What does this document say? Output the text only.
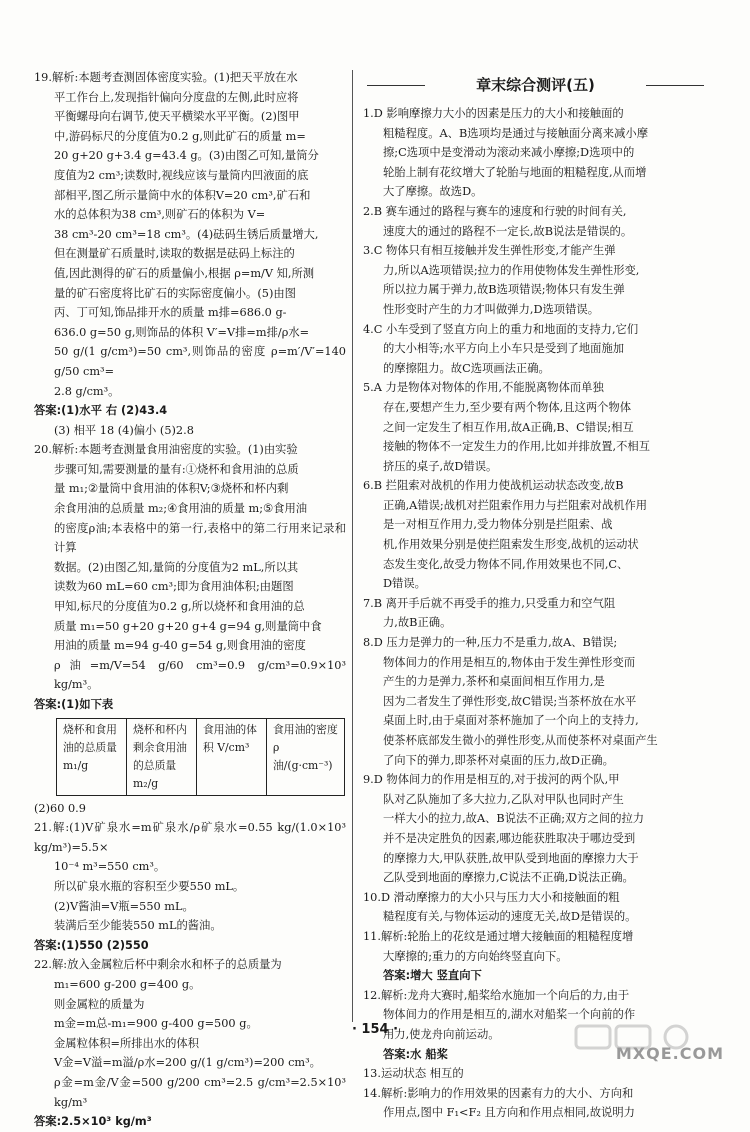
19.解析:本题考查测固体密度实验。(1)把天平放在水
平工作台上,发现指针偏向分度盘的左侧,此时应将
平衡螺母向右调节,使天平横梁水平平衡。(2)图甲
中,游码标尺的分度值为0.2 g,则此矿石的质量 m=
20 g+20 g+3.4 g=43.4 g。(3)由图乙可知,量筒分
度值为2 cm³;读数时,视线应该与量筒内凹液面的底
部相平,图乙所示量筒中水的体积V=20 cm³,矿石和
水的总体积为38 cm³,则矿石的体积为 V=
38 cm³-20 cm³=18 cm³。(4)砝码生锈后质量增大,
但在测量矿石质量时,读取的数据是砝码上标注的
值,因此测得的矿石的质量偏小,根据 ρ=m/V 知,所测
量的矿石密度将比矿石的实际密度偏小。(5)由图
丙、丁可知,饰品排开水的质量 m排=686.0 g-
636.0 g=50 g,则饰品的体积 V′=V排=m排/ρ水=
50 g/(1 g/cm³)=50 cm³,则饰品的密度 ρ=m′/V′=140 g/50 cm³=
2.8 g/cm³。
答案:(1)水平 右 (2)43.4
(3) 相平 18 (4)偏小 (5)2.8
20.解析:本题考查测量食用油密度的实验。(1)由实验
步骤可知,需要测量的量有:①烧杯和食用油的总质
量 m₁;②量筒中食用油的体积V;③烧杯和杯内剩
余食用油的总质量 m₂;④食用油的质量 m;⑤食用油
的密度ρ油;本表格中的第一行,表格中的第二行用来记录和计算
数据。(2)由图乙知,量筒的分度值为2 mL,所以其
读数为60 mL=60 cm³;即为食用油体积;由题图
甲知,标尺的分度值为0.2 g,所以烧杯和食用油的总
质量 m₁=50 g+20 g+20 g+4 g=94 g,则量筒中食
用油的质量 m=94 g-40 g=54 g,则食用油的密度
ρ油=m/V=54 g/60 cm³=0.9 g/cm³=0.9×10³ kg/m³。
答案:(1)如下表
烧杯和食用油的总质量 m₁/g	烧杯和杯内剩余食用油的总质量 m₂/g	食用油的体积 V/cm³	食用油的密度 ρ油/(g·cm⁻³)
(2)60 0.9
21.解:(1)V矿泉水=m矿泉水/ρ矿泉水=0.55 kg/(1.0×10³ kg/m³)=5.5×
10⁻⁴ m³=550 cm³。
所以矿泉水瓶的容积至少要550 mL。
(2)V酱油=V瓶=550 mL。
装满后至少能装550 mL的酱油。
答案:(1)550 (2)550
22.解:放入金属粒后杯中剩余水和杯子的总质量为
m₁=600 g-200 g=400 g。
则金属粒的质量为
m金=m总-m₁=900 g-400 g=500 g。
金属粒体积=所排出水的体积
V金=V溢=m溢/ρ水=200 g/(1 g/cm³)=200 cm³。
ρ金=m金/V金=500 g/200 cm³=2.5 g/cm³=2.5×10³ kg/m³
答案:2.5×10³ kg/m³
章末综合测评(五)
1.D 影响摩擦力大小的因素是压力的大小和接触面的
粗糙程度。A、B选项均是通过与接触面分离来减小摩
擦;C选项中是变滑动为滚动来减小摩擦;D选项中的
轮胎上制有花纹增大了轮胎与地面的粗糙程度,从而增
大了摩擦。故选D。
2.B 赛车通过的路程与赛车的速度和行驶的时间有关,
速度大的通过的路程不一定长,故B说法是错误的。
3.C 物体只有相互接触并发生弹性形变,才能产生弹
力,所以A选项错误;拉力的作用使物体发生弹性形变,
所以拉力属于弹力,故B选项错误;物体只有发生弹
性形变时产生的力才叫做弹力,D选项错误。
4.C 小车受到了竖直方向上的重力和地面的支持力,它们
的大小相等;水平方向上小车只是受到了地面施加
的摩擦阻力。故C选项画法正确。
5.A 力是物体对物体的作用,不能脱离物体而单独
存在,要想产生力,至少要有两个物体,且这两个物体
之间一定发生了相互作用,故A正确,B、C错误;相互
接触的物体不一定发生力的作用,比如并排放置,不相互
挤压的桌子,故D错误。
6.B 拦阻索对战机的作用力使战机运动状态改变,故B
正确,A错误;战机对拦阻索作用力与拦阻索对战机作用
是一对相互作用力,受力物体分别是拦阻索、战
机,作用效果分别是使拦阻索发生形变,战机的运动状
态发生变化,故受力物体不同,作用效果也不同,C、
D错误。
7.B 离开手后就不再受手的推力,只受重力和空气阻
力,故B正确。
8.D 压力是弹力的一种,压力不是重力,故A、B错误;
物体间力的作用是相互的,物体由于发生弹性形变而
产生的力是弹力,茶杯和桌面间相互作用力,是
因为二者发生了弹性形变,故C错误;当茶杯放在水平
桌面上时,由于桌面对茶杯施加了一个向上的支持力,
使茶杯底部发生微小的弹性形变,从而使茶杯对桌面产生
了向下的弹力,即茶杯对桌面的压力,故D正确。
9.D 物体间力的作用是相互的,对于拔河的两个队,甲
队对乙队施加了多大拉力,乙队对甲队也同时产生
一样大小的拉力,故A、B说法不正确;双方之间的拉力
并不是决定胜负的因素,哪边能获胜取决于哪边受到
的摩擦力大,甲队获胜,故甲队受到地面的摩擦力大于
乙队受到地面的摩擦力,C说法不正确,D说法正确。
10.D 滑动摩擦力的大小只与压力大小和接触面的粗
糙程度有关,与物体运动的速度无关,故D是错误的。
11.解析:轮胎上的花纹是通过增大接触面的粗糙程度增
大摩擦的;重力的方向始终竖直向下。
答案:增大 竖直向下
12.解析:龙舟大赛时,船桨给水施加一个向后的力,由于
物体间力的作用是相互的,湖水对船桨一个向前的作
用力,使龙舟向前运动。
答案:水 船桨
13.运动状态 相互的
14.解析:影响力的作用效果的因素有力的大小、方向和
作用点,图中 F₁<F₂ 且方向和作用点相同,故说明力
· 154 ·
MXQE.COM
